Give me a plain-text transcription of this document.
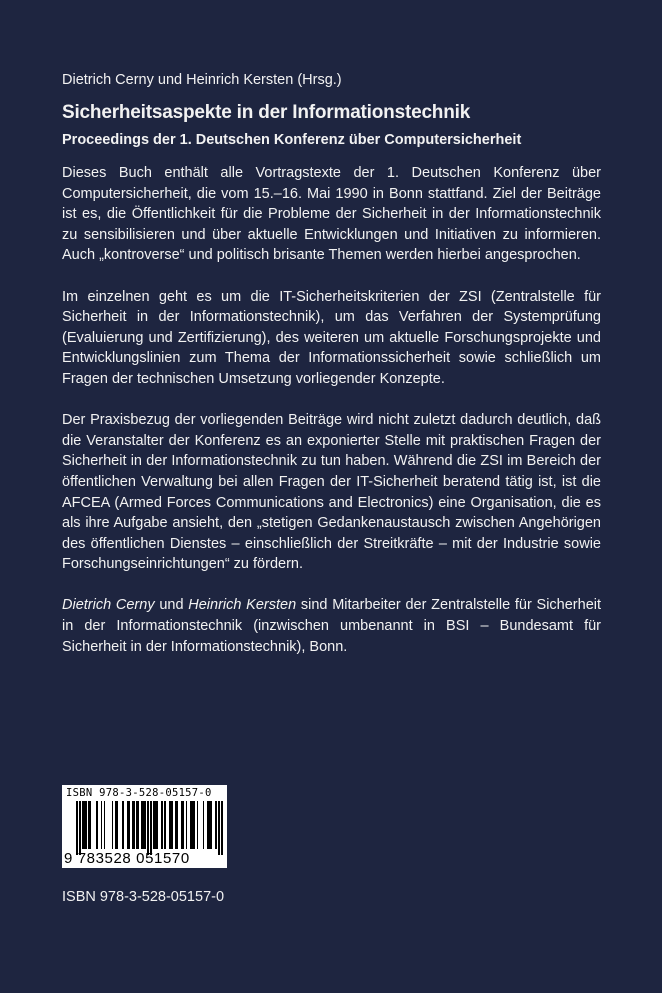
Dietrich Cerny und Heinrich Kersten (Hrsg.)

Sicherheitsaspekte in der Informationstechnik
Proceedings der 1. Deutschen Konferenz über Computersicherheit

Dieses Buch enthält alle Vortragstexte der 1. Deutschen Konferenz über Computersicherheit, die vom 15.–16. Mai 1990 in Bonn stattfand. Ziel der Beiträge ist es, die Öffentlichkeit für die Probleme der Sicherheit in der Informationstechnik zu sensibilisieren und über aktuelle Entwicklungen und Initiativen zu informieren. Auch „kontroverse“ und politisch brisante Themen werden hierbei angesprochen.

Im einzelnen geht es um die IT-Sicherheitskriterien der ZSI (Zentralstelle für Sicherheit in der Informationstechnik), um das Verfahren der Systemprüfung (Evaluierung und Zertifizierung), des weiteren um aktuelle Forschungsprojekte und Entwicklungslinien zum Thema der Informationssicherheit sowie schließlich um Fragen der technischen Umsetzung vorliegender Konzepte.

Der Praxisbezug der vorliegenden Beiträge wird nicht zuletzt dadurch deutlich, daß die Veranstalter der Konferenz es an exponierter Stelle mit praktischen Fragen der Sicherheit in der Informationstechnik zu tun haben. Während die ZSI im Bereich der öffentlichen Verwaltung bei allen Fragen der IT-Sicherheit beratend tätig ist, ist die AFCEA (Armed Forces Communications and Electronics) eine Organisation, die es als ihre Aufgabe ansieht, den „stetigen Gedankenaustausch zwischen Angehörigen des öffentlichen Dienstes – einschließlich der Streitkräfte – mit der Industrie sowie Forschungseinrichtungen“ zu fördern.

Dietrich Cerny und Heinrich Kersten sind Mitarbeiter der Zentralstelle für Sicherheit in der Informationstechnik (inzwischen umbenannt in BSI – Bundesamt für Sicherheit in der Informationstechnik), Bonn.

ISBN 978-3-528-05157-0
9 783528 051570

ISBN 978-3-528-05157-0
